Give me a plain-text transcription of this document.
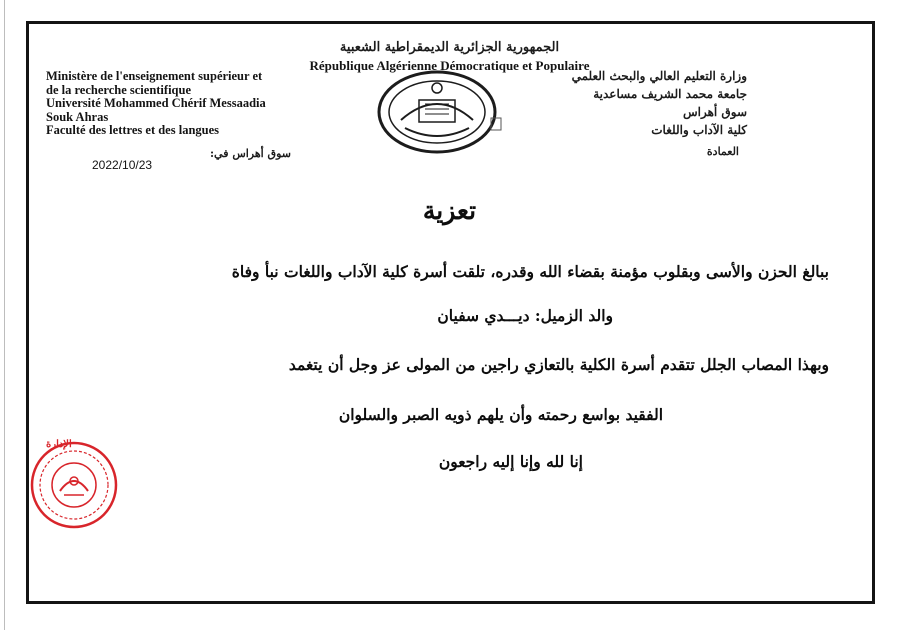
الجمهورية الجزائرية الديمقراطية الشعبية
République Algérienne Démocratique et Populaire
Ministère de l'enseignement supérieur et
de la recherche scientifique
Université Mohammed Chérif Messaadia
Souk Ahras
Faculté des lettres et des langues
وزارة التعليم العالي والبحث العلمي
جامعة محمد الشريف مساعدية
سوق أهراس
كلية الآداب واللغات
العمادة
سوق أهراس في:
2022/10/23
تعزية
ببالغ الحزن والأسى وبقلوب مؤمنة بقضاء الله وقدره، تلقت أسرة كلية الآداب واللغات نبأ وفاة
والد الزميل: ديـــدي سفيان
وبهذا المصاب الجلل تتقدم أسرة الكلية بالتعازي راجين من المولى عز وجل أن يتغمد
الفقيد بواسع رحمته وأن يلهم ذويه الصبر والسلوان
إنا لله وإنا إليه راجعون
الإدارة
